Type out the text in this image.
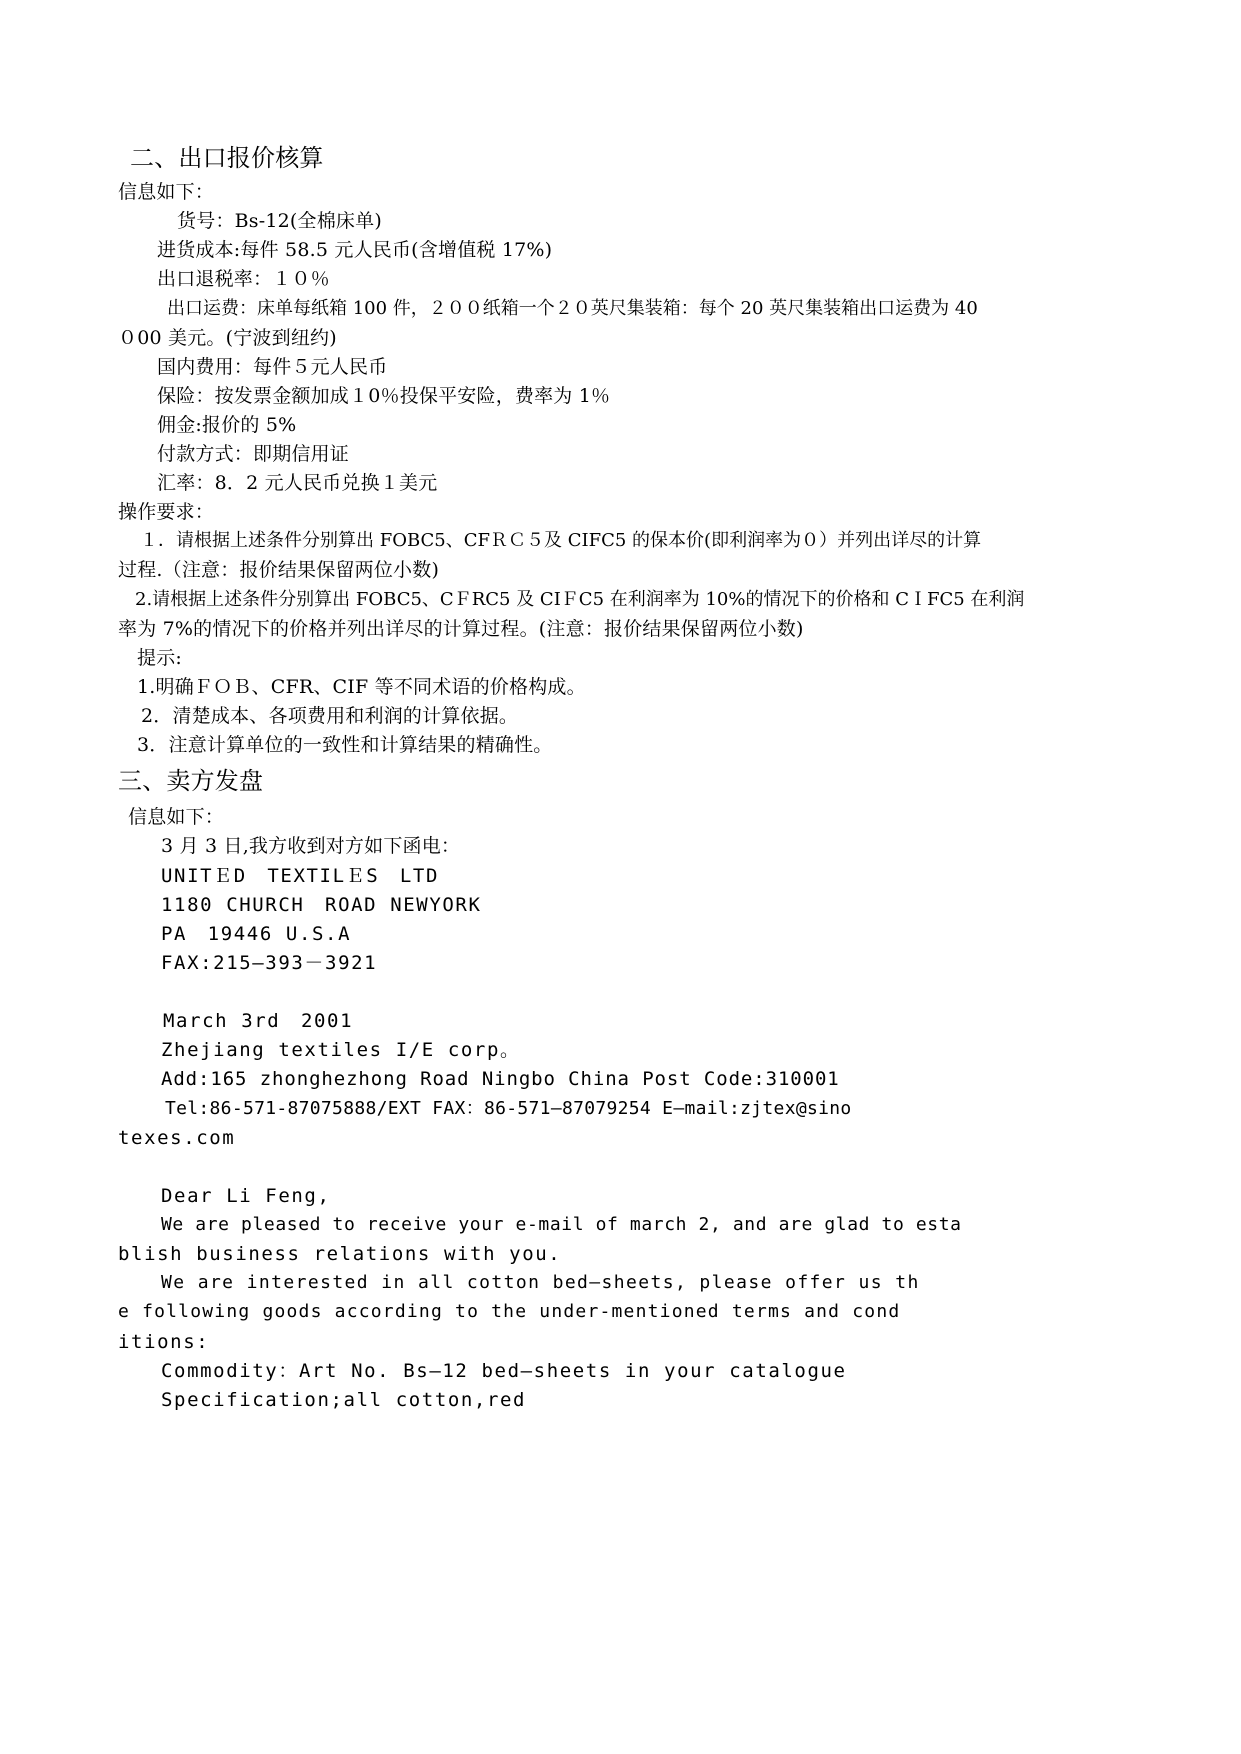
二、出口报价核算
信息如下：
货号：Bs-12(全棉床单)
进货成本:每件 58.5 元人民币(含增值税 17%)
出口退税率：１０％
出口运费：床单每纸箱 100 件，２００纸箱一个２０英尺集装箱：每个 20 英尺集装箱出口运费为 40
０00 美元。(宁波到纽约)
国内费用：每件５元人民币
保险：按发票金额加成１0％投保平安险，费率为 1％
佣金:报价的 5%
付款方式：即期信用证
汇率：8．2 元人民币兑换１美元
操作要求：
１．请根据上述条件分别算出 FOBC5、CFＲＣ５及 CIFC5 的保本价(即利润率为０）并列出详尽的计算
过程.（注意：报价结果保留两位小数)
2.请根据上述条件分别算出 FOBC5、CＦRC5 及 CIＦC5 在利润率为 10%的情况下的价格和 CＩFC5 在利润
率为 7%的情况下的价格并列出详尽的计算过程。(注意：报价结果保留两位小数)
提示:
1.明确ＦＯＢ、CFR、CIF 等不同术语的价格构成。
2．清楚成本、各项费用和利润的计算依据。
3．注意计算单位的一致性和计算结果的精确性。
三、卖方发盘
信息如下：
3 月 3 日,我方收到对方如下函电：
UNITＥD　TEXTILＥS　LTD
1180 CHURCH　ROAD NEWYORK
PA　19446 U.S.A
FAX:215—393－3921
March 3rd　2001
Zhejiang textiles I/E corp。
Add:165 zhonghezhong Road Ningbo China Post Code:310001
Tel:86-571-87075888/EXT FAX：86-571—87079254 E—mail:zjtex@sino
texes.com
Dear Li Feng,
We are pleased to receive your e-mail of march 2, and are glad to esta
blish business relations with you.
We are interested in all cotton bed—sheets, please offer us th
e following goods according to the under-mentioned terms and cond
itions:
Commodity：Art No. Bs—12 bed—sheets in your catalogue
Specification;all cotton,red
